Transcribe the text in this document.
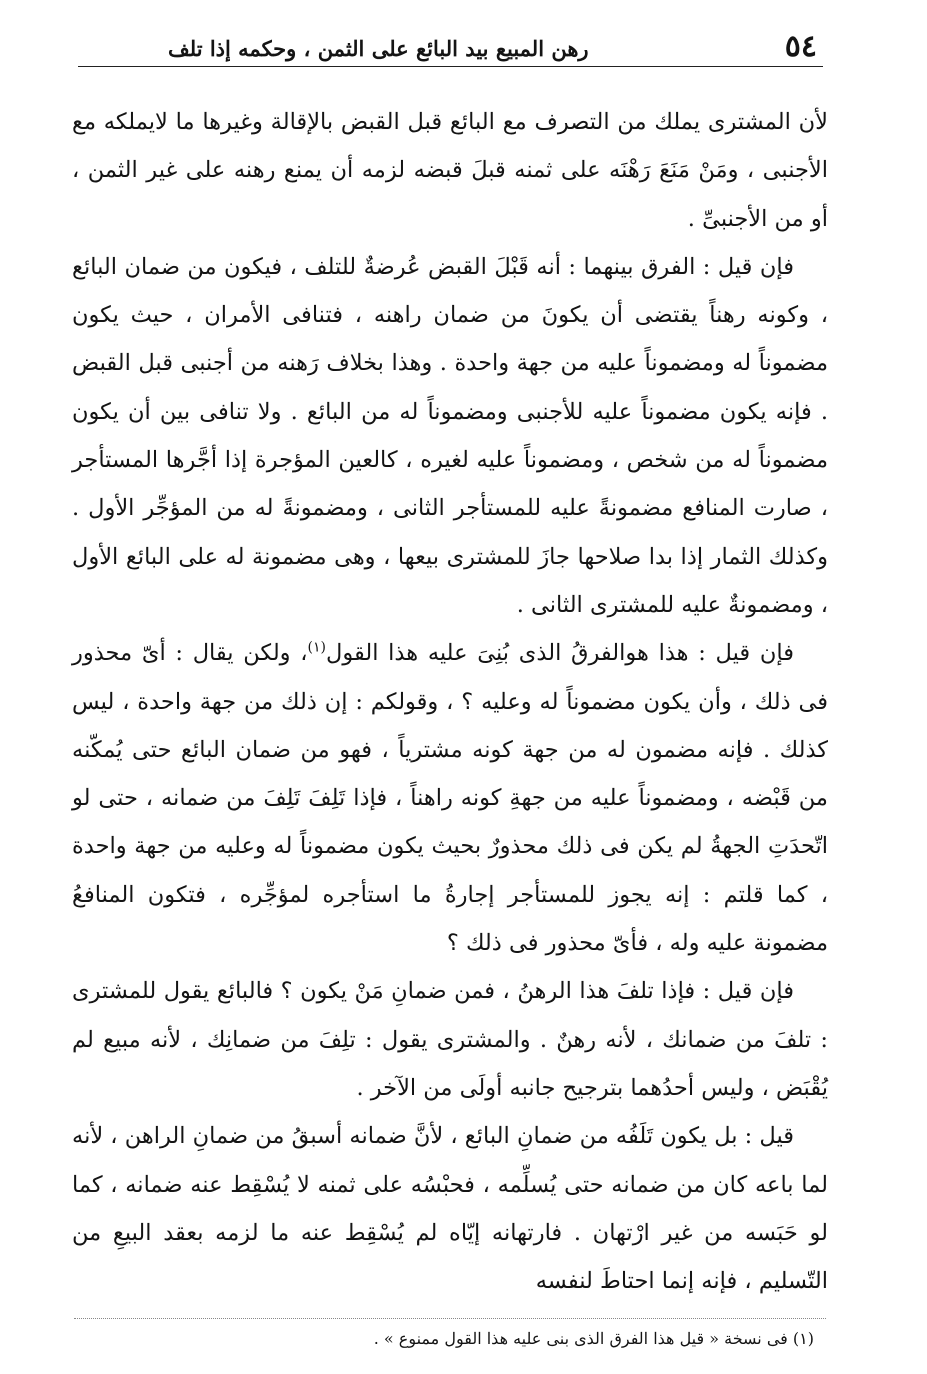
٥٤
رهن المبيع بيد البائع على الثمن ، وحكمه إذا تلف

لأن المشترى يملك من التصرف مع البائع قبل القبض بالإقالة وغيرها ما لايملكه مع الأجنبى ، ومَنْ مَنَعَ رَهْنَه على ثمنه قبلَ قبضه لزمه أن يمنع رهنه على غير الثمن ، أو من الأجنبىِّ .

فإن قيل : الفرق بينهما : أنه قَبْلَ القبض عُرضةٌ للتلف ، فيكون من ضمان البائع ، وكونه رهناً يقتضى أن يكونَ من ضمان راهنه ، فتنافى الأمران ، حيث يكون مضموناً له ومضموناً عليه من جهة واحدة . وهذا بخلاف رَهنه من أجنبى قبل القبض . فإنه يكون مضموناً عليه للأجنبى ومضموناً له من البائع . ولا تنافى بين أن يكون مضموناً له من شخص ، ومضموناً عليه لغيره ، كالعين المؤجرة إذا أجَّرها المستأجر ، صارت المنافع مضمونةً عليه للمستأجر الثانى ، ومضمونةً له من المؤجِّر الأول . وكذلك الثمار إذا بدا صلاحها جازَ للمشترى بيعها ، وهى مضمونة له على البائع الأول ، ومضمونةٌ عليه للمشترى الثانى .

فإن قيل : هذا هوالفرقُ الذى بُنِىَ عليه هذا القول$^{(١)}$، ولكن يقال : أىّ محذور فى ذلك ، وأن يكون مضموناً له وعليه ؟ ، وقولكم : إن ذلك من جهة واحدة ، ليس كذلك . فإنه مضمون له من جهة كونه مشترياً ، فهو من ضمان البائع حتى يُمكّنه من قَبْضه ، ومضموناً عليه من جهةِ كونه راهناً ، فإذا تَلِفَ تَلِفَ من ضمانه ، حتى لو اتّحدَتِ الجهةُ لم يكن فى ذلك محذورٌ بحيث يكون مضموناً له وعليه من جهة واحدة ، كما قلتم : إنه يجوز للمستأجر إجارةُ ما استأجره لمؤجِّره ، فتكون المنافعُ مضمونة عليه وله ، فأىّ محذور فى ذلك ؟

فإن قيل : فإذا تلفَ هذا الرهنُ ، فمن ضمانِ مَنْ يكون ؟ فالبائع يقول للمشترى : تلفَ من ضمانك ، لأنه رهنٌ . والمشترى يقول : تلِفَ من ضمانِك ، لأنه مبيع لم يُقْبَض ، وليس أحدُهما بترجيح جانبه أولَى من الآخر .

قيل : بل يكون تَلَفُه من ضمانِ البائع ، لأنَّ ضمانه أسبقُ من ضمانِ الراهن ، لأنه لما باعه كان من ضمانه حتى يُسلِّمه ، فحبْسُه على ثمنه لا يُسْقِط عنه ضمانه ، كما لو حَبَسه من غير ارْتهان . فارتهانه إيّاه لم يُسْقِط عنه ما لزمه بعقد البيعِ من التّسليم ، فإنه إنما احتاطَ لنفسه

(١) فى نسخة « قيل هذا الفرق الذى بنى عليه هذا القول ممنوع » .
